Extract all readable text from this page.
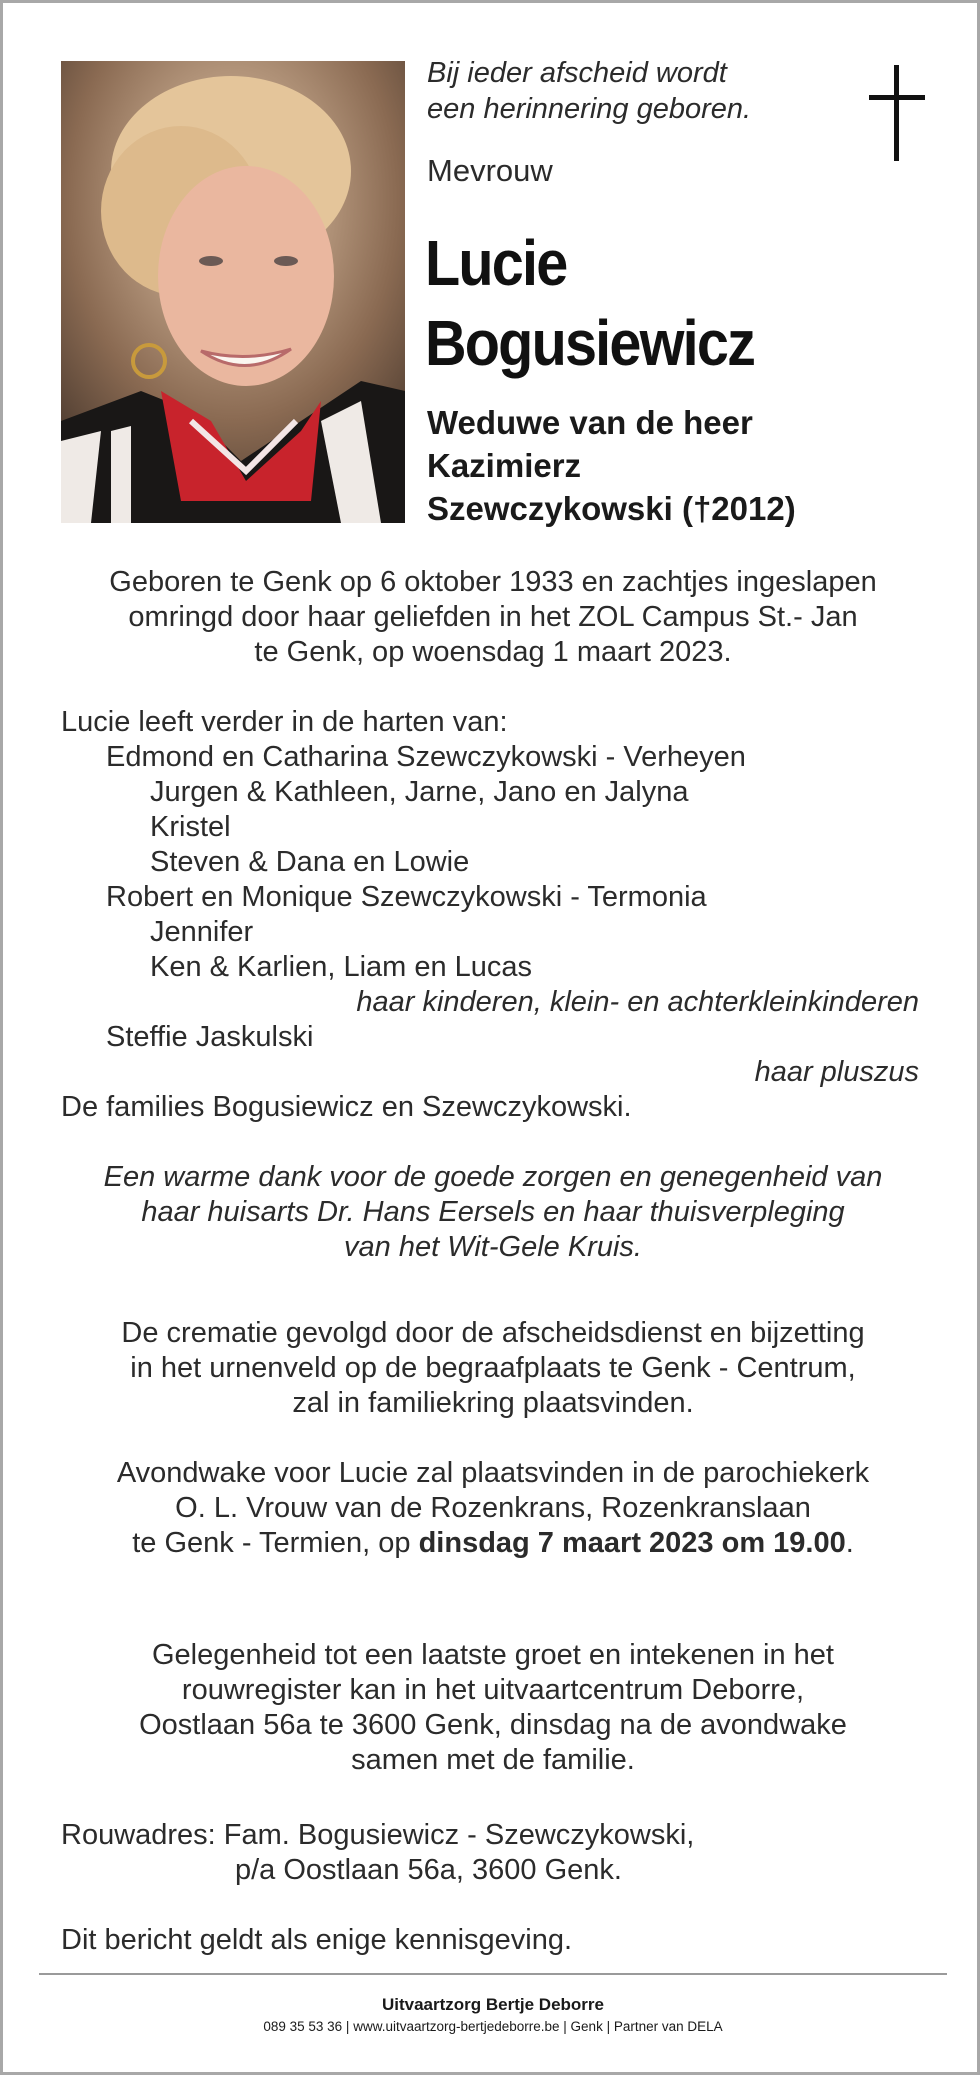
Bij ieder afscheid wordt
een herinnering geboren.
Mevrouw
Lucie
Bogusiewicz
Weduwe van de heer
Kazimierz
Szewczykowski (†2012)
Geboren te Genk op 6 oktober 1933 en zachtjes ingeslapen
omringd door haar geliefden in het ZOL Campus St.- Jan
te Genk, op woensdag 1 maart 2023.
Lucie leeft verder in de harten van:
Edmond en Catharina Szewczykowski - Verheyen
Jurgen & Kathleen, Jarne, Jano en Jalyna
Kristel
Steven & Dana en Lowie
Robert en Monique Szewczykowski - Termonia
Jennifer
Ken & Karlien, Liam en Lucas
haar kinderen, klein- en achterkleinkinderen
Steffie Jaskulski
haar pluszus
De families Bogusiewicz en Szewczykowski.
Een warme dank voor de goede zorgen en genegenheid van
haar huisarts Dr. Hans Eersels en haar thuisverpleging
van het Wit-Gele Kruis.
De crematie gevolgd door de afscheidsdienst en bijzetting
in het urnenveld op de begraafplaats te Genk - Centrum,
zal in familiekring plaatsvinden.
Avondwake voor Lucie zal plaatsvinden in de parochiekerk
O. L. Vrouw van de Rozenkrans, Rozenkranslaan
te Genk - Termien, op dinsdag 7 maart 2023 om 19.00.
Gelegenheid tot een laatste groet en intekenen in het
rouwregister kan in het uitvaartcentrum Deborre,
Oostlaan 56a te 3600 Genk, dinsdag na de avondwake
samen met de familie.
Rouwadres: Fam. Bogusiewicz - Szewczykowski,
p/a Oostlaan 56a, 3600 Genk.
Dit bericht geldt als enige kennisgeving.
Uitvaartzorg Bertje Deborre
089 35 53 36 | www.uitvaartzorg-bertjedeborre.be | Genk | Partner van DELA
